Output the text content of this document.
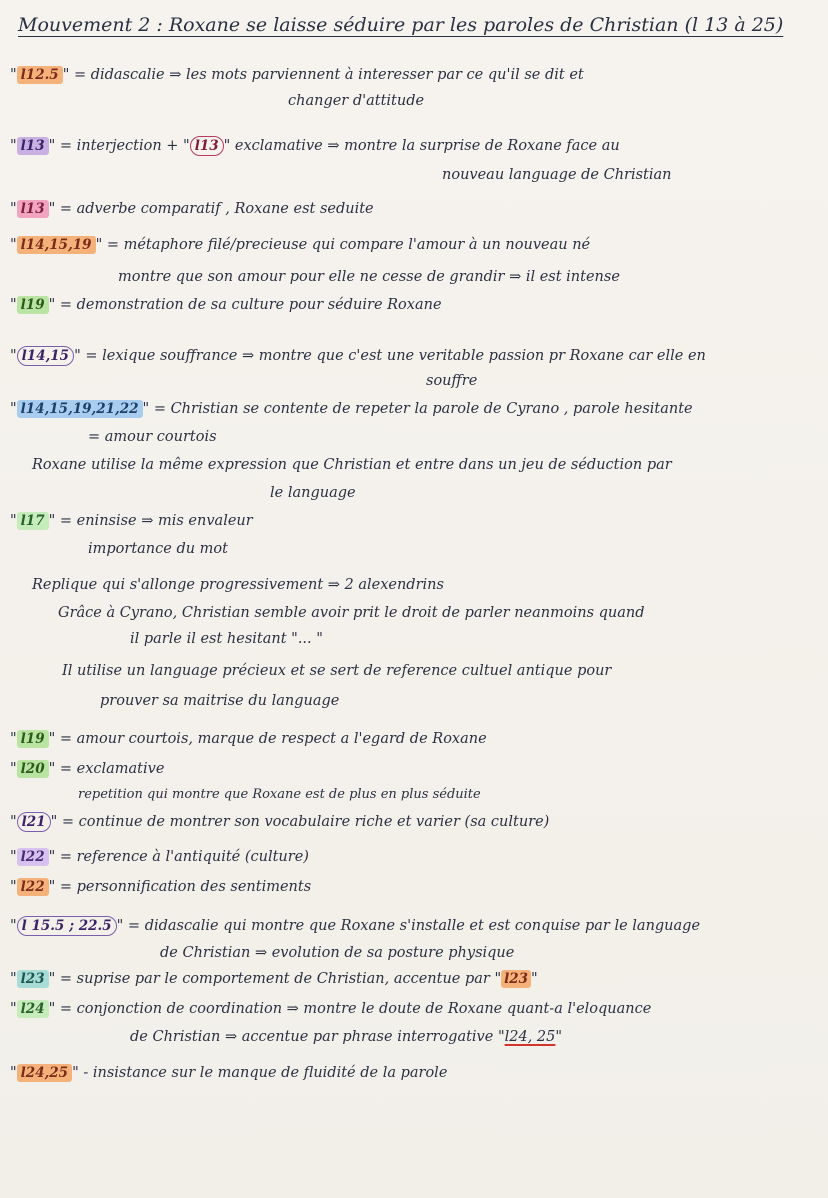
Mouvement 2 : Roxane se laisse séduire par les paroles de Christian (l 13 à 25)
" l12.5 " = didascalie ⇒ les mots parviennent à interesser par ce qu'il se dit et
changer d'attitude
" l13 " = interjection + " l13 " exclamative ⇒ montre la surprise de Roxane face au
nouveau language de Christian
" l13 " = adverbe comparatif , Roxane est seduite
" l14,15,19 " = métaphore filé/precieuse qui compare l'amour à un nouveau né
montre que son amour pour elle ne cesse de grandir ⇒ il est intense
" l19 " = demonstration de sa culture pour séduire Roxane
" l14,15 " = lexique souffrance ⇒ montre que c'est une veritable passion pr Roxane car elle en
souffre
" l14,15,19,21,22 " = Christian se contente de repeter la parole de Cyrano , parole hesitante
= amour courtois
Roxane utilise la même expression que Christian et entre dans un jeu de séduction par
le language
" l17 " = eninsise ⇒ mis envaleur
importance du mot
Replique qui s'allonge progressivement ⇒ 2 alexendrins
Grâce à Cyrano, Christian semble avoir prit le droit de parler neanmoins quand
il parle il est hesitant "... "
Il utilise un language précieux et se sert de reference cultuel antique pour
prouver sa maitrise du language
" l19 " = amour courtois, marque de respect a l'egard de Roxane
" l20 " = exclamative
repetition qui montre que Roxane est de plus en plus séduite
" l21 " = continue de montrer son vocabulaire riche et varier (sa culture)
" l22 " = reference à l'antiquité (culture)
" l22 " = personnification des sentiments
" l 15.5 ; 22.5 " = didascalie qui montre que Roxane s'installe et est conquise par le language
de Christian ⇒ evolution de sa posture physique
" l23 " = suprise par le comportement de Christian, accentue par " l23 "
" l24 " = conjonction de coordination ⇒ montre le doute de Roxane quant-a l'eloquance
de Christian ⇒ accentue par phrase interrogative "l24, 25"
" l24,25 " - insistance sur le manque de fluidité de la parole
